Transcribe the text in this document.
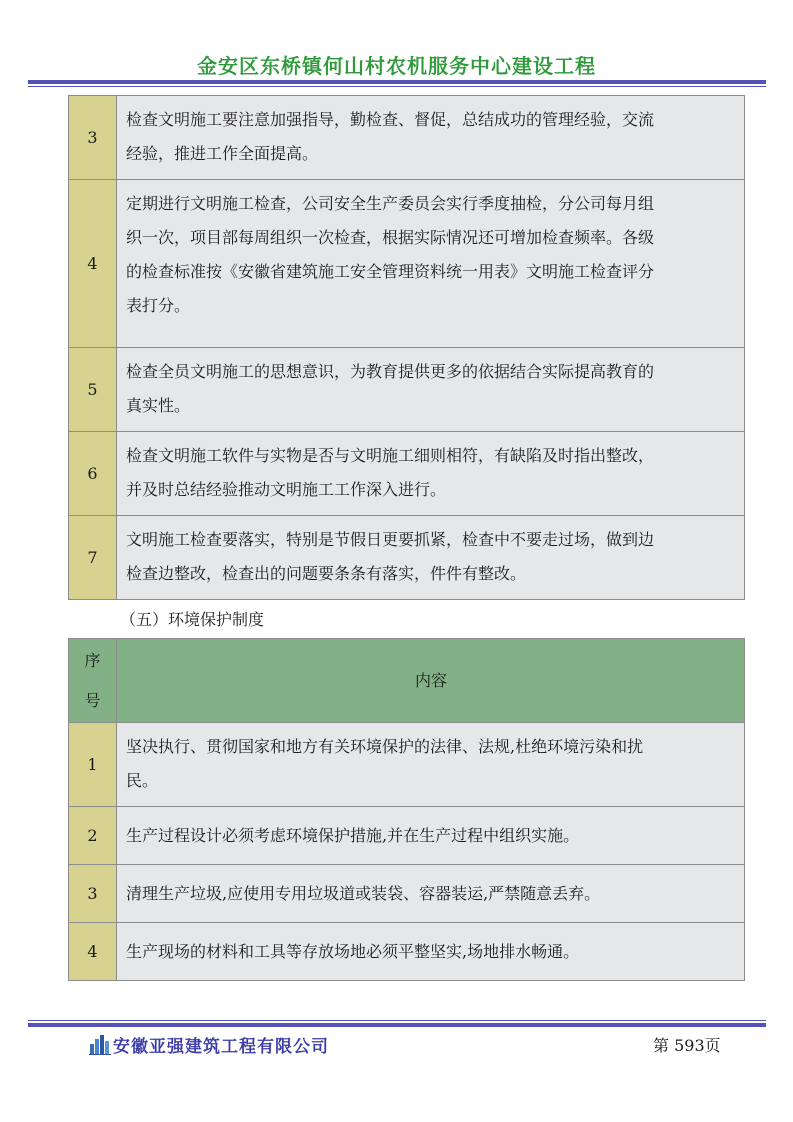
金安区东桥镇何山村农机服务中心建设工程
3	检查文明施工要注意加强指导，勤检查、督促，总结成功的管理经验，交流
经验，推进工作全面提高。

4	定期进行文明施工检查，公司安全生产委员会实行季度抽检，分公司每月组
织一次，项目部每周组织一次检查，根据实际情况还可增加检查频率。各级
的检查标准按《安徽省建筑施工安全管理资料统一用表》文明施工检查评分
表打分。

5	检查全员文明施工的思想意识，为教育提供更多的依据结合实际提高教育的
真实性。

6	检查文明施工软件与实物是否与文明施工细则相符，有缺陷及时指出整改，
并及时总结经验推动文明施工工作深入进行。

7	文明施工检查要落实，特别是节假日更要抓紧，检查中不要走过场，做到边
检查边整改，检查出的问题要条条有落实，件件有整改。
（五）环境保护制度
序
号	内容
1	坚决执行、贯彻国家和地方有关环境保护的法律、法规,杜绝环境污染和扰
民。

2	生产过程设计必须考虑环境保护措施,并在生产过程中组织实施。

3	清理生产垃圾,应使用专用垃圾道或装袋、容器装运,严禁随意丢弃。

4	生产现场的材料和工具等存放场地必须平整坚实,场地排水畅通。
安徽亚强建筑工程有限公司	第 593页
